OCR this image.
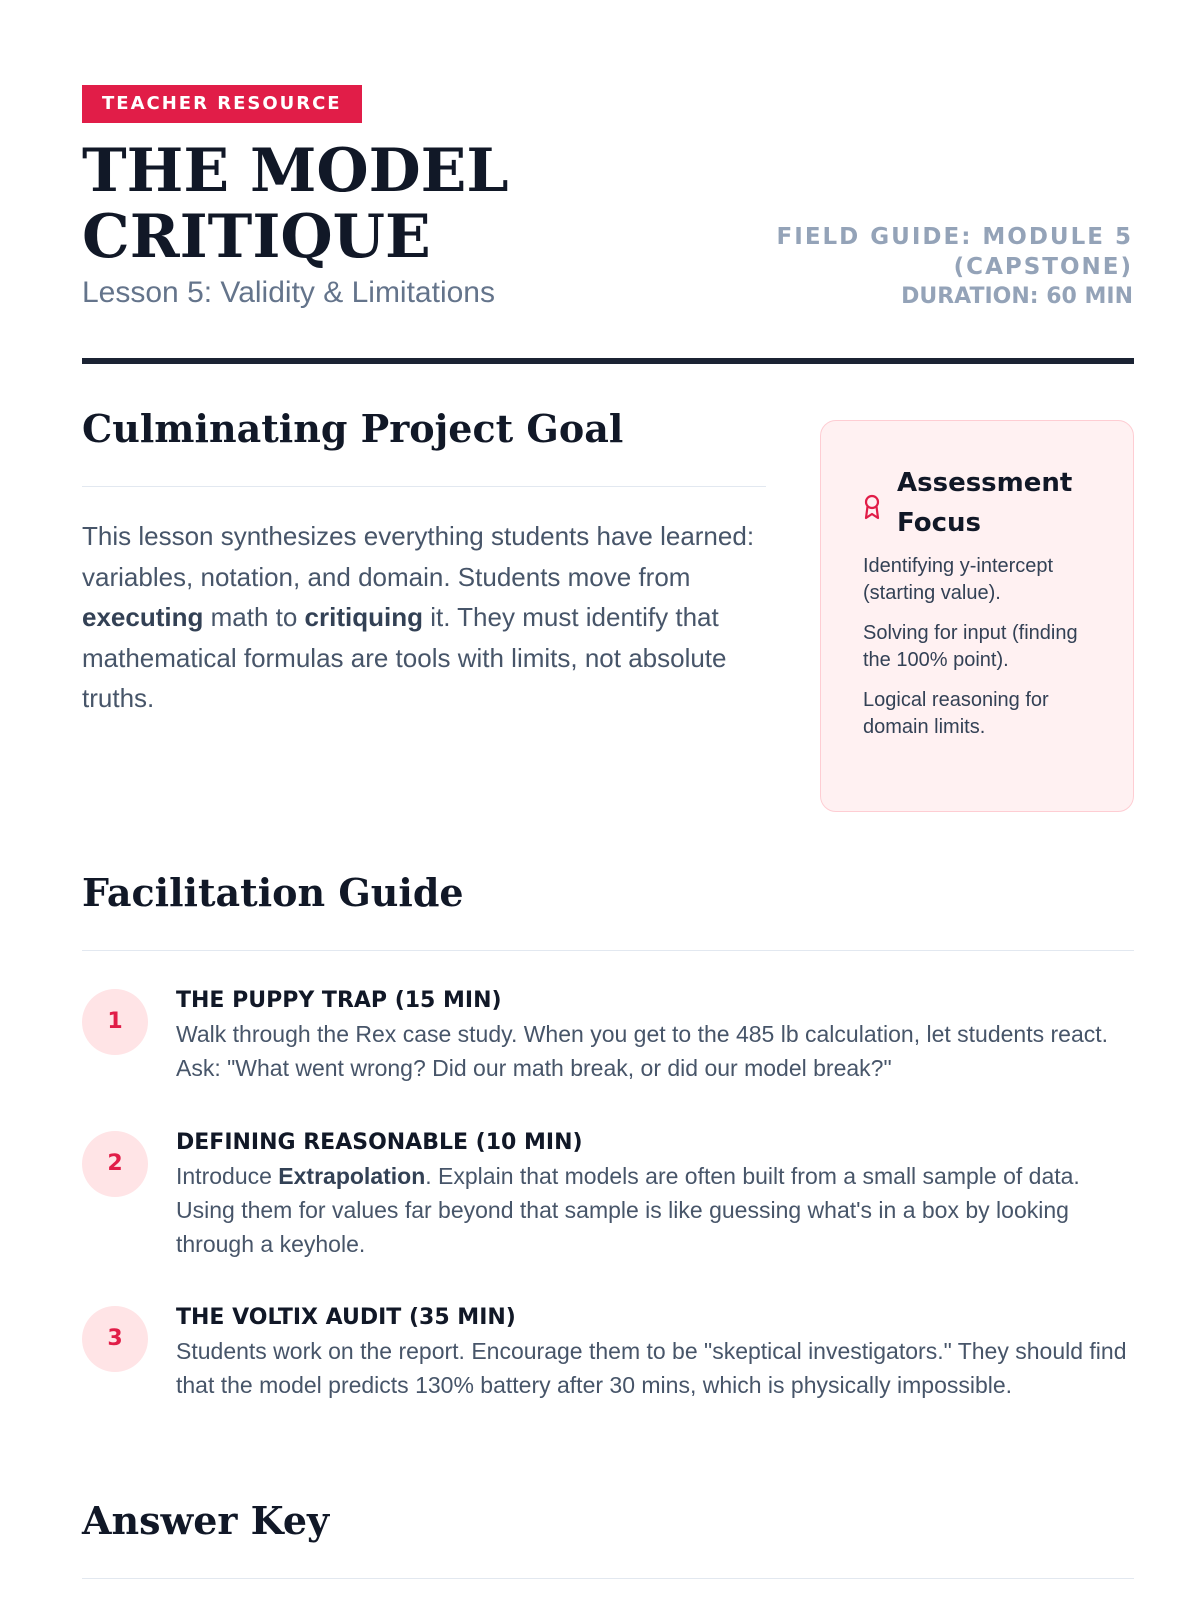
TEACHER RESOURCE
THE MODEL
CRITIQUE
Lesson 5: Validity & Limitations
FIELD GUIDE: MODULE 5
(CAPSTONE)
DURATION: 60 MIN
Culminating Project Goal

This lesson synthesizes everything students have learned: variables, notation, and domain. Students move from executing math to critiquing it. They must identify that mathematical formulas are tools with limits, not absolute truths.

Assessment Focus
Identifying y-intercept (starting value).
Solving for input (finding the 100% point).
Logical reasoning for domain limits.
Facilitation Guide
1
THE PUPPY TRAP (15 MIN)
Walk through the Rex case study. When you get to the 485 lb calculation, let students react. Ask: "What went wrong? Did our math break, or did our model break?"
2
DEFINING REASONABLE (10 MIN)
Introduce Extrapolation. Explain that models are often built from a small sample of data. Using them for values far beyond that sample is like guessing what's in a box by looking through a keyhole.
3
THE VOLTIX AUDIT (35 MIN)
Students work on the report. Encourage them to be "skeptical investigators." They should find that the model predicts 130% battery after 30 mins, which is physically impossible.
Answer Key
